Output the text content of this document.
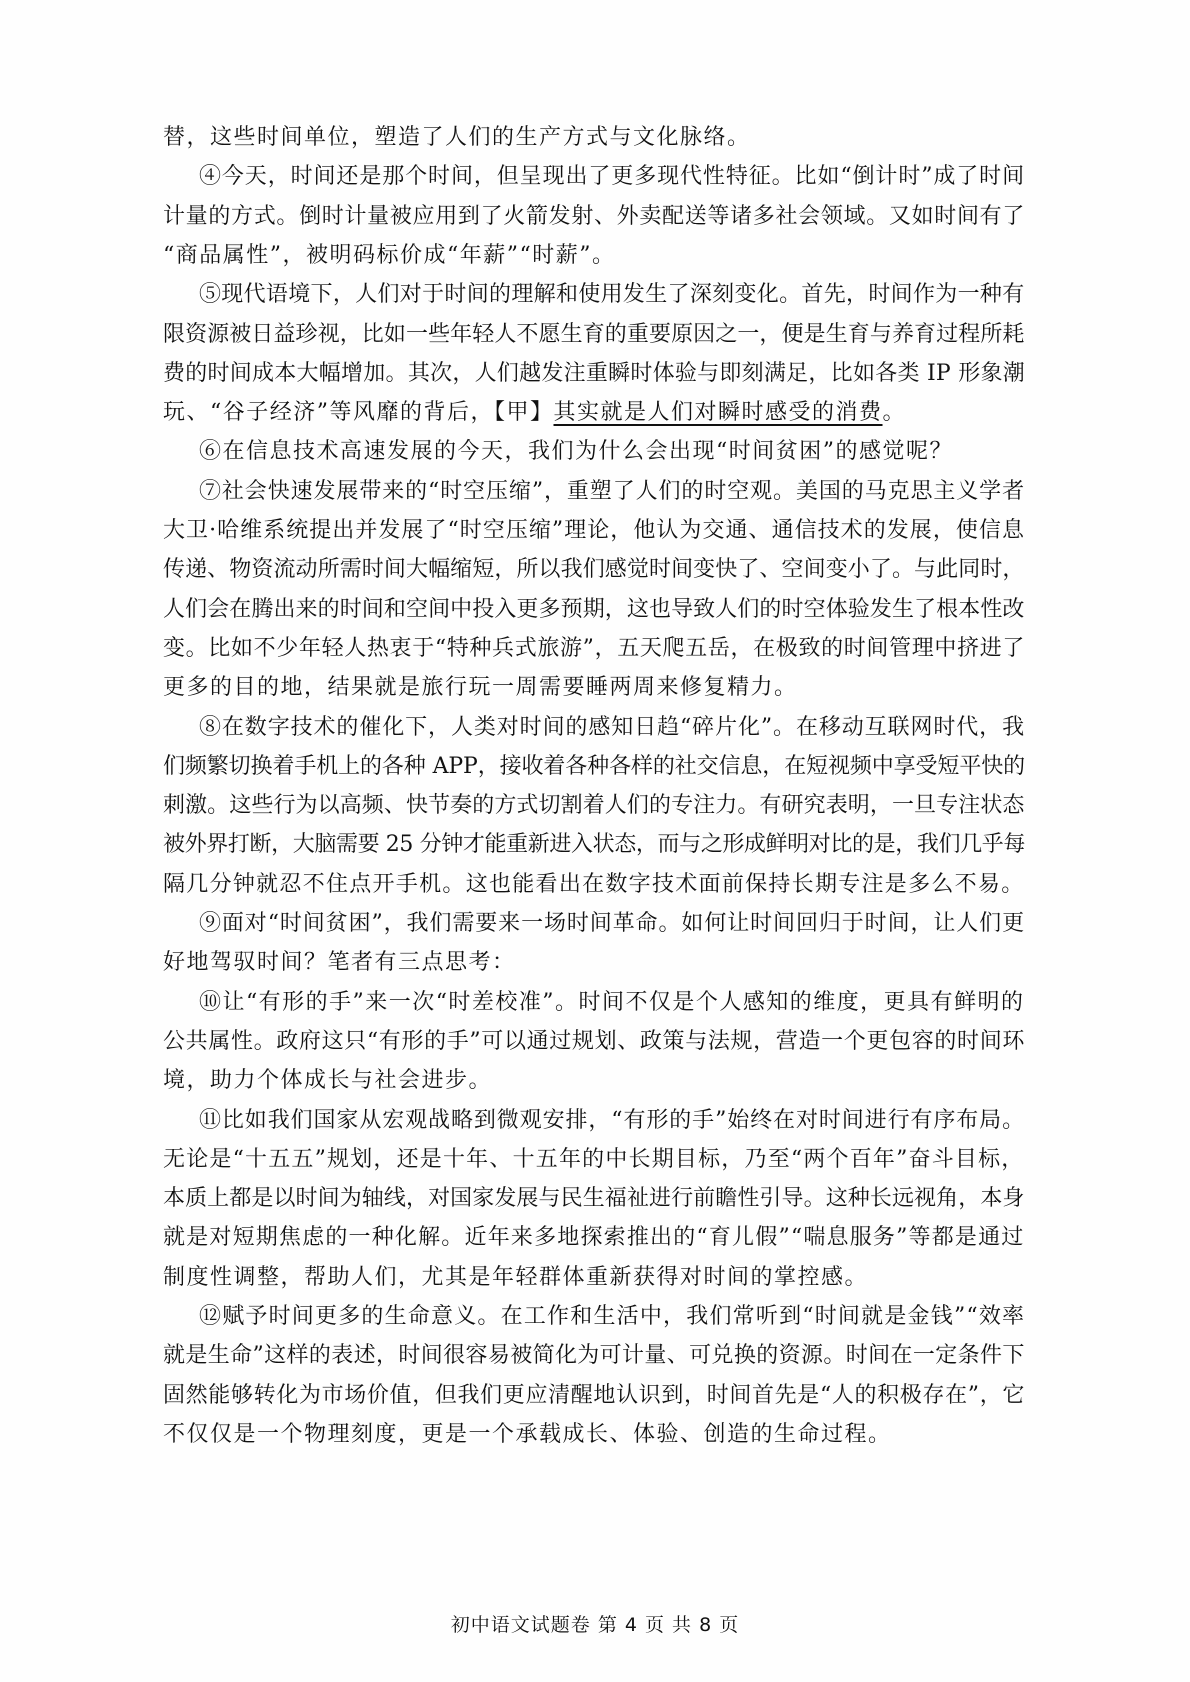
替，这些时间单位，塑造了人们的生产方式与文化脉络。
④今天，时间还是那个时间，但呈现出了更多现代性特征。比如“倒计时”成了时间
计量的方式。倒时计量被应用到了火箭发射、外卖配送等诸多社会领域。又如时间有了
“商品属性”，被明码标价成“年薪”“时薪”。
⑤现代语境下，人们对于时间的理解和使用发生了深刻变化。首先，时间作为一种有
限资源被日益珍视，比如一些年轻人不愿生育的重要原因之一，便是生育与养育过程所耗
费的时间成本大幅增加。其次，人们越发注重瞬时体验与即刻满足，比如各类 IP 形象潮
玩、“谷子经济”等风靡的背后，【甲】其实就是人们对瞬时感受的消费。
⑥在信息技术高速发展的今天，我们为什么会出现“时间贫困”的感觉呢？
⑦社会快速发展带来的“时空压缩”，重塑了人们的时空观。美国的马克思主义学者
大卫·哈维系统提出并发展了“时空压缩”理论，他认为交通、通信技术的发展，使信息
传递、物资流动所需时间大幅缩短，所以我们感觉时间变快了、空间变小了。与此同时，
人们会在腾出来的时间和空间中投入更多预期，这也导致人们的时空体验发生了根本性改
变。比如不少年轻人热衷于“特种兵式旅游”，五天爬五岳，在极致的时间管理中挤进了
更多的目的地，结果就是旅行玩一周需要睡两周来修复精力。
⑧在数字技术的催化下，人类对时间的感知日趋“碎片化”。在移动互联网时代，我
们频繁切换着手机上的各种 APP，接收着各种各样的社交信息，在短视频中享受短平快的
刺激。这些行为以高频、快节奏的方式切割着人们的专注力。有研究表明，一旦专注状态
被外界打断，大脑需要 25 分钟才能重新进入状态，而与之形成鲜明对比的是，我们几乎每
隔几分钟就忍不住点开手机。这也能看出在数字技术面前保持长期专注是多么不易。
⑨面对“时间贫困”，我们需要来一场时间革命。如何让时间回归于时间，让人们更
好地驾驭时间？笔者有三点思考：
⑩让“有形的手”来一次“时差校准”。时间不仅是个人感知的维度，更具有鲜明的
公共属性。政府这只“有形的手”可以通过规划、政策与法规，营造一个更包容的时间环
境，助力个体成长与社会进步。
⑪比如我们国家从宏观战略到微观安排，“有形的手”始终在对时间进行有序布局。
无论是“十五五”规划，还是十年、十五年的中长期目标，乃至“两个百年”奋斗目标，
本质上都是以时间为轴线，对国家发展与民生福祉进行前瞻性引导。这种长远视角，本身
就是对短期焦虑的一种化解。近年来多地探索推出的“育儿假”“喘息服务”等都是通过
制度性调整，帮助人们，尤其是年轻群体重新获得对时间的掌控感。
⑫赋予时间更多的生命意义。在工作和生活中，我们常听到“时间就是金钱”“效率
就是生命”这样的表述，时间很容易被简化为可计量、可兑换的资源。时间在一定条件下
固然能够转化为市场价值，但我们更应清醒地认识到，时间首先是“人的积极存在”，它
不仅仅是一个物理刻度，更是一个承载成长、体验、创造的生命过程。
初中语文试题卷 第 4 页 共 8 页
